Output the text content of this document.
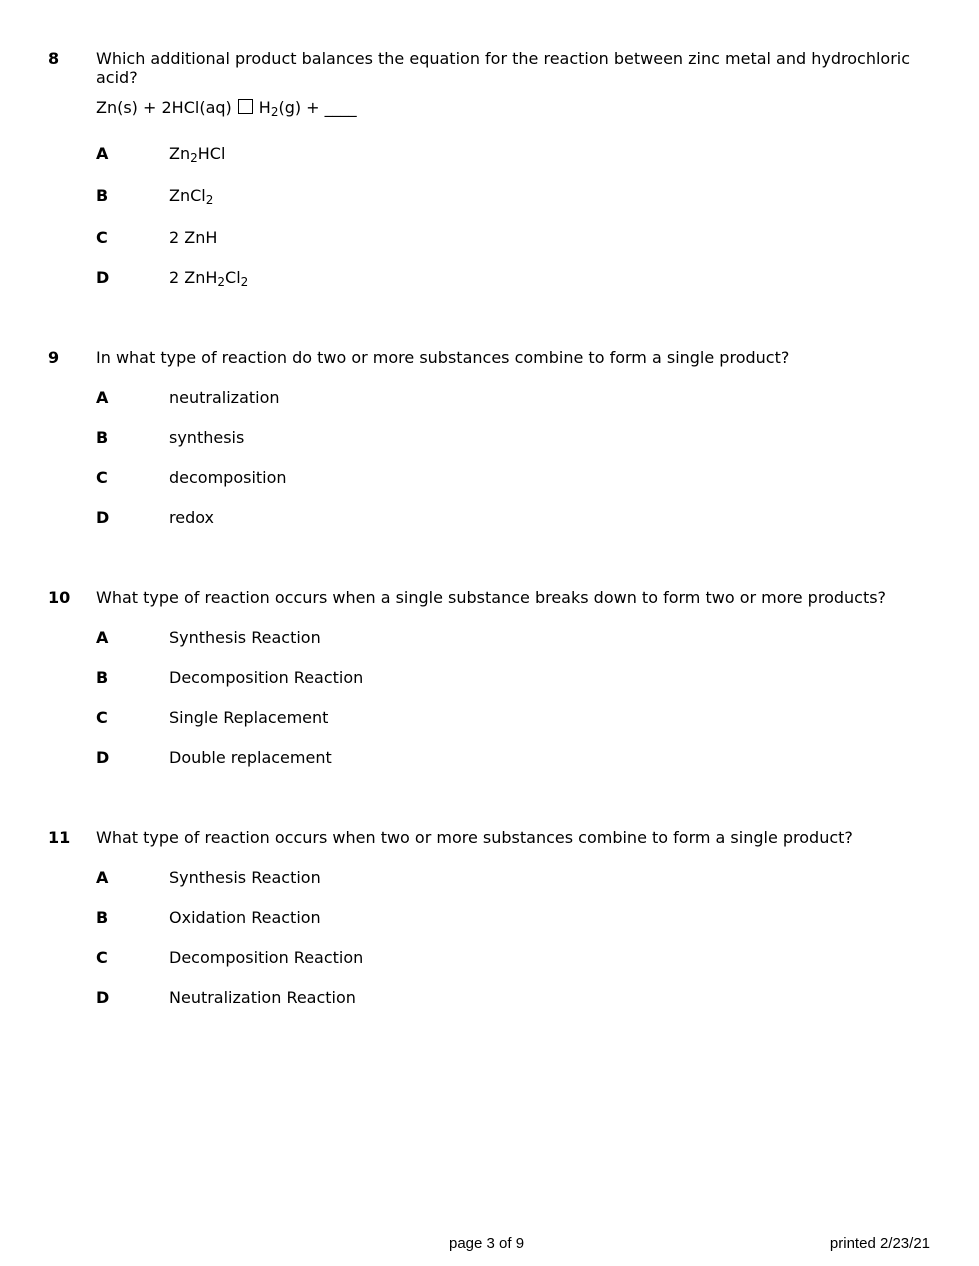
8 Which additional product balances the equation for the reaction between zinc metal and hydrochloric acid?
Zn(s) + 2HCl(aq) $H_2(g)$ + ____
A	$Zn_2HCl$
B	ZnCl$_2$
C	2 ZnH
D	2 $ZnH_2Cl_2$
9 In what type of reaction do two or more substances combine to form a single product?
A	neutralization
B	synthesis
C	decomposition
D	redox
10 What type of reaction occurs when a single substance breaks down to form two or more products?
A	Synthesis Reaction
B	Decomposition Reaction
C	Single Replacement
D	Double replacement
11 What type of reaction occurs when two or more substances combine to form a single product?
A	Synthesis Reaction
B	Oxidation Reaction
C	Decomposition Reaction
D	Neutralization Reaction
page 3 of 9	printed 2/23/21
